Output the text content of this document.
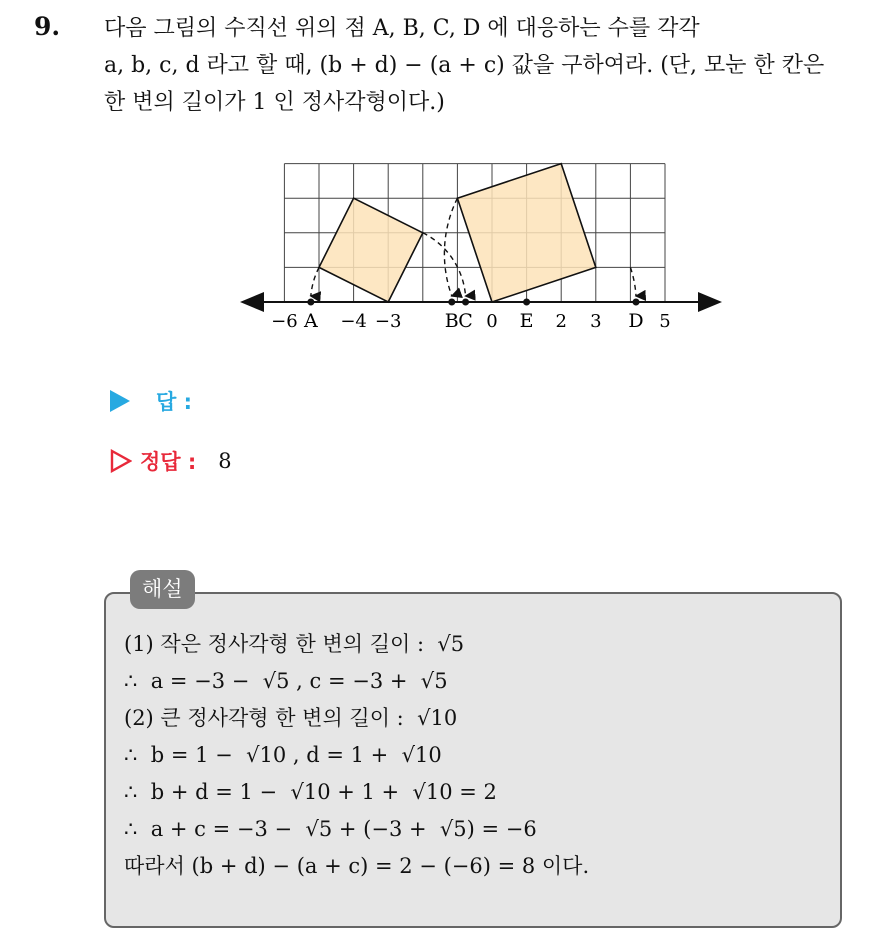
9. 다음 그림의 수직선 위의 점 A, B, C, D 에 대응하는 수를 각각
a, b, c, d 라고 할 때, (b + d) − (a + c) 값을 구하여라. (단, 모눈 한 칸은
한 변의 길이가 1 인 정사각형이다.)
A	B C E	D
−6 −4 −3	0	2 3	5
답 :
정답 : 8
해설
(1) 작은 정사각형 한 변의 길이 :  √5
∴  a = −3 −  √5 , c = −3 +  √5
(2) 큰 정사각형 한 변의 길이 :  √10
∴  b = 1 −  √10 , d = 1 +  √10
∴  b + d = 1 −  √10 + 1 +  √10 = 2
∴  a + c = −3 −  √5 + (−3 +  √5) = −6
따라서 (b + d) − (a + c) = 2 − (−6) = 8 이다.
